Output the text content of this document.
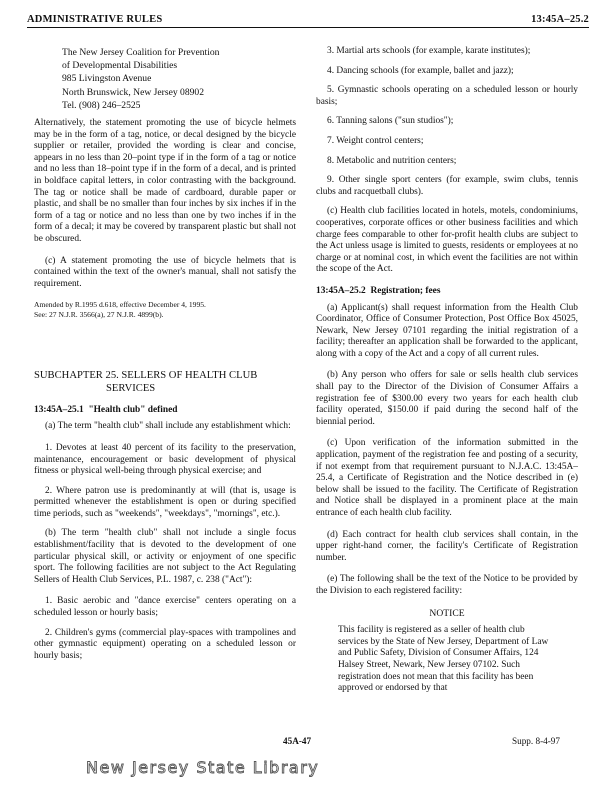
ADMINISTRATIVE RULES	13:45A–25.2
The New Jersey Coalition for Prevention
of Developmental Disabilities
985 Livingston Avenue
North Brunswick, New Jersey 08902
Tel. (908) 246–2525

Alternatively, the statement promoting the use of bicycle helmets may be in the form of a tag, notice, or decal designed by the bicycle supplier or retailer, provided the wording is clear and concise, appears in no less than 20–point type if in the form of a tag or notice and no less than 18–point type if in the form of a decal, and is printed in boldface capital letters, in color contrasting with the background. The tag or notice shall be made of cardboard, durable paper or plastic, and shall be no smaller than four inches by six inches if in the form of a tag or notice and no less than one by two inches if in the form of a decal; it may be covered by transparent plastic but shall not be obscured.

(c) A statement promoting the use of bicycle helmets that is contained within the text of the owner's manual, shall not satisfy the requirement.

Amended by R.1995 d.618, effective December 4, 1995.
See: 27 N.J.R. 3566(a), 27 N.J.R. 4899(b).
SUBCHAPTER 25. SELLERS OF HEALTH CLUB
SERVICES
13:45A–25.1 "Health club" defined

(a) The term "health club" shall include any establishment which:

1. Devotes at least 40 percent of its facility to the preservation, maintenance, encouragement or basic development of physical fitness or physical well-being through physical exercise; and

2. Where patron use is predominantly at will (that is, usage is permitted whenever the establishment is open or during specified time periods, such as "weekends", "weekdays", "mornings", etc.).

(b) The term "health club" shall not include a single focus establishment/facility that is devoted to the development of one particular physical skill, or activity or enjoyment of one specific sport. The following facilities are not subject to the Act Regulating Sellers of Health Club Services, P.L. 1987, c. 238 ("Act"):

1. Basic aerobic and "dance exercise" centers operating on a scheduled lesson or hourly basis;

2. Children's gyms (commercial play-spaces with trampolines and other gymnastic equipment) operating on a scheduled lesson or hourly basis;

3. Martial arts schools (for example, karate institutes);

4. Dancing schools (for example, ballet and jazz);

5. Gymnastic schools operating on a scheduled lesson or hourly basis;

6. Tanning salons ("sun studios");

7. Weight control centers;

8. Metabolic and nutrition centers;

9. Other single sport centers (for example, swim clubs, tennis clubs and racquetball clubs).

(c) Health club facilities located in hotels, motels, condominiums, cooperatives, corporate offices or other business facilities and which charge fees comparable to other for-profit health clubs are subject to the Act unless usage is limited to guests, residents or employees at no charge or at nominal cost, in which event the facilities are not within the scope of the Act.

13:45A–25.2 Registration; fees

(a) Applicant(s) shall request information from the Health Club Coordinator, Office of Consumer Protection, Post Office Box 45025, Newark, New Jersey 07101 regarding the initial registration of a facility; thereafter an application shall be forwarded to the applicant, along with a copy of the Act and a copy of all current rules.

(b) Any person who offers for sale or sells health club services shall pay to the Director of the Division of Consumer Affairs a registration fee of $300.00 every two years for each health club facility operated, $150.00 if paid during the second half of the biennial period.

(c) Upon verification of the information submitted in the application, payment of the registration fee and posting of a security, if not exempt from that requirement pursuant to N.J.A.C. 13:45A–25.4, a Certificate of Registration and the Notice described in (e) below shall be issued to the facility. The Certificate of Registration and Notice shall be displayed in a prominent place at the main entrance of each health club facility.

(d) Each contract for health club services shall contain, in the upper right-hand corner, the facility's Certificate of Registration number.

(e) The following shall be the text of the Notice to be provided by the Division to each registered facility:

NOTICE

This facility is registered as a seller of health club services by the State of New Jersey, Department of Law and Public Safety, Division of Consumer Affairs, 124 Halsey Street, Newark, New Jersey 07102. Such registration does not mean that this facility has been approved or endorsed by that

45A-47	Supp. 8-4-97
New Jersey State Library
